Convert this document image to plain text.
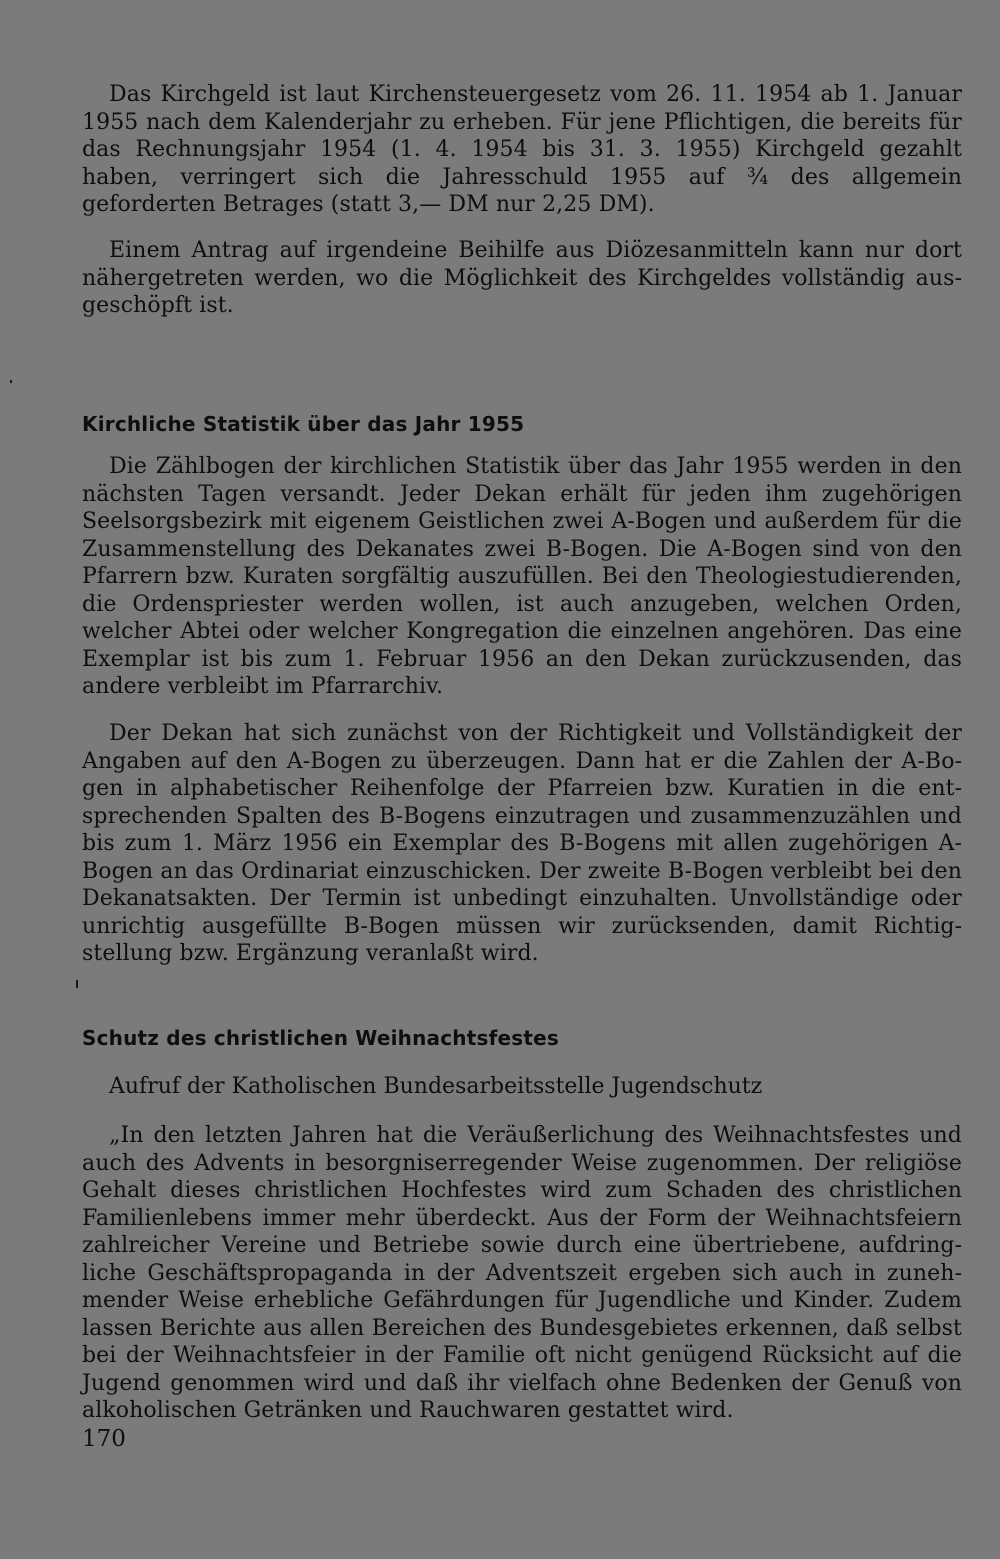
Das Kirchgeld ist laut Kirchensteuergesetz vom 26. 11. 1954 ab 1. Januar 1955 nach dem Kalenderjahr zu erheben. Für jene Pflichtigen, die bereits für das Rechnungsjahr 1954 (1. 4. 1954 bis 31. 3. 1955) Kirchgeld gezahlt haben, verringert sich die Jahresschuld 1955 auf ¾ des allgemein geforderten Betrages (statt 3,— DM nur 2,25 DM).

Einem Antrag auf irgendeine Beihilfe aus Diözesanmitteln kann nur dort nähergetreten werden, wo die Möglichkeit des Kirchgeldes vollständig ausgeschöpft ist.

Kirchliche Statistik über das Jahr 1955

Die Zählbogen der kirchlichen Statistik über das Jahr 1955 werden in den nächsten Tagen versandt. Jeder Dekan erhält für jeden ihm zugehörigen Seelsorgsbezirk mit eigenem Geistlichen zwei A-Bogen und außerdem für die Zusammenstellung des Dekanates zwei B-Bogen. Die A-Bogen sind von den Pfarrern bzw. Kuraten sorgfältig auszufüllen. Bei den Theologiestudierenden, die Ordenspriester werden wollen, ist auch anzugeben, welchen Orden, welcher Abtei oder welcher Kongregation die einzelnen angehören. Das eine Exemplar ist bis zum 1. Februar 1956 an den Dekan zurückzusenden, das andere verbleibt im Pfarrarchiv.

Der Dekan hat sich zunächst von der Richtigkeit und Vollständigkeit der Angaben auf den A-Bogen zu überzeugen. Dann hat er die Zahlen der A-Bogen in alphabetischer Reihenfolge der Pfarreien bzw. Kuratien in die entsprechenden Spalten des B-Bogens einzutragen und zusammenzuzählen und bis zum 1. März 1956 ein Exemplar des B-Bogens mit allen zugehörigen A-Bogen an das Ordinariat einzuschicken. Der zweite B-Bogen verbleibt bei den Dekanatsakten. Der Termin ist unbedingt einzuhalten. Unvollständige oder unrichtig ausgefüllte B-Bogen müssen wir zurücksenden, damit Richtigstellung bzw. Ergänzung veranlaßt wird.

Schutz des christlichen Weihnachtsfestes

Aufruf der Katholischen Bundesarbeitsstelle Jugendschutz

„In den letzten Jahren hat die Veräußerlichung des Weihnachtsfestes und auch des Advents in besorgniserregender Weise zugenommen. Der religiöse Gehalt dieses christlichen Hochfestes wird zum Schaden des christlichen Familienlebens immer mehr überdeckt. Aus der Form der Weihnachtsfeiern zahlreicher Vereine und Betriebe sowie durch eine übertriebene, aufdringliche Geschäftspropaganda in der Adventszeit ergeben sich auch in zunehmender Weise erhebliche Gefährdungen für Jugendliche und Kinder. Zudem lassen Berichte aus allen Bereichen des Bundesgebietes erkennen, daß selbst bei der Weihnachtsfeier in der Familie oft nicht genügend Rücksicht auf die Jugend genommen wird und daß ihr vielfach ohne Bedenken der Genuß von alkoholischen Getränken und Rauchwaren gestattet wird.

170
